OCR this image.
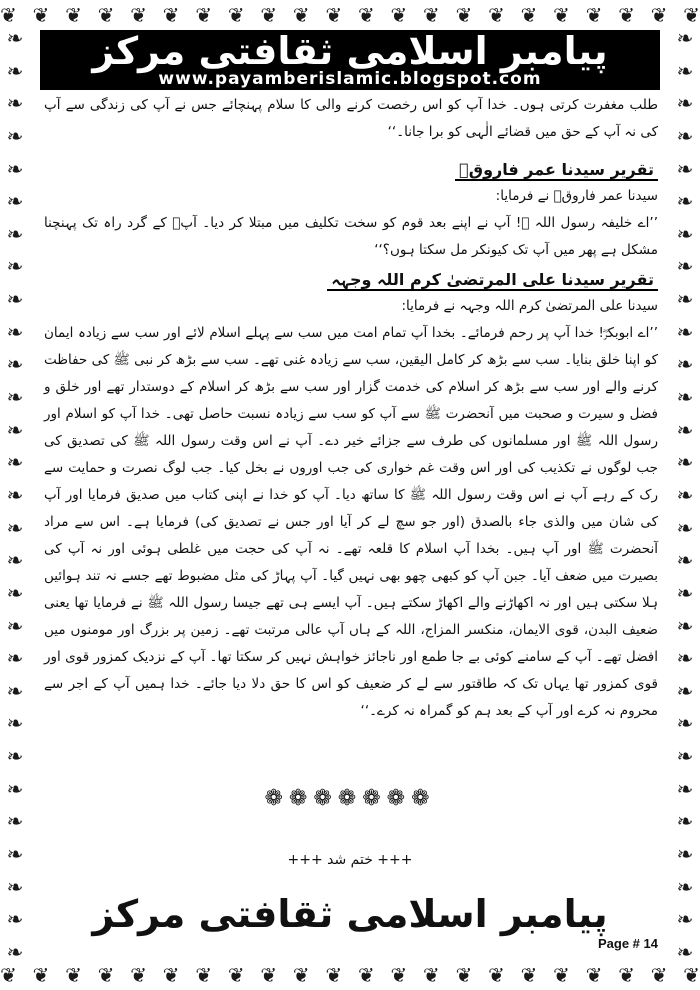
❦ ❦ ❦ ❦ ❦ ❦ ❦ ❦ ❦ ❦ ❦ ❦ ❦ ❦ ❦ ❦ ❦ ❦ ❦ ❦ ❦ ❦
❦ ❦ ❦ ❦ ❦ ❦ ❦ ❦ ❦ ❦ ❦ ❦ ❦ ❦ ❦ ❦ ❦ ❦ ❦ ❦ ❦ ❦
❧
❧
❧
❧
❧
❧
❧
❧
❧
❧
❧
❧
❧
❧
❧
❧
❧
❧
❧
❧
❧
❧
❧
❧
❧
❧
❧
❧
❧
❧
❧
❧
❧
❧
❧
❧
❧
❧
❧
❧
❧
❧
❧
❧
❧
❧
❧
❧
❧
❧
❧
❧
❧
❧
❧
❧
❧
❧
پیامبر اسلامی ثقافتی مرکز
www.payamberislamic.blogspot.com

طلب مغفرت کرتی ہوں۔ خدا آپ کو اس رخصت کرنے والی کا سلام پہنچائے جس نے آپ کی زندگی سے آپ کی نہ آپ کے حق میں قضائے الٰہی کو برا جانا۔‘‘

تقریر سیدنا عمر فاروقؓ

سیدنا عمر فاروقؓ نے فرمایا:

’’اے خلیفہ رسول اللہ ﷺ! آپ نے اپنے بعد قوم کو سخت تکلیف میں مبتلا کر دیا۔ آپؓ کے گرد راہ تک پہنچنا مشکل ہے پھر میں آپ تک کیونکر مل سکتا ہوں؟‘‘

تقریر سیدنا علی المرتضیٰ کرم اللہ وجہہ

سیدنا علی المرتضیٰ کرم اللہ وجہہ نے فرمایا:

’’اے ابوبکرؓ! خدا آپ پر رحم فرمائے۔ بخدا آپ تمام امت میں سب سے پہلے اسلام لائے اور سب سے زیادہ ایمان کو اپنا خلق بنایا۔ سب سے بڑھ کر کامل الیقین، سب سے زیادہ غنی تھے۔ سب سے بڑھ کر نبی ﷺ کی حفاظت کرنے والے اور سب سے بڑھ کر اسلام کی خدمت گزار اور سب سے بڑھ کر اسلام کے دوستدار تھے اور خلق و فضل و سیرت و صحبت میں آنحضرت ﷺ سے آپ کو سب سے زیادہ نسبت حاصل تھی۔ خدا آپ کو اسلام اور رسول اللہ ﷺ اور مسلمانوں کی طرف سے جزائے خیر دے۔ آپ نے اس وقت رسول اللہ ﷺ کی تصدیق کی جب لوگوں نے تکذیب کی اور اس وقت غم خواری کی جب اوروں نے بخل کیا۔ جب لوگ نصرت و حمایت سے رک کے رہے آپ نے اس وقت رسول اللہ ﷺ کا ساتھ دیا۔ آپ کو خدا نے اپنی کتاب میں صدیق فرمایا اور آپ کی شان میں والذی جاء بالصدق (اور جو سچ لے کر آیا اور جس نے تصدیق کی) فرمایا ہے۔ اس سے مراد آنحضرت ﷺ اور آپ ہیں۔ بخدا آپ اسلام کا قلعہ تھے۔ نہ آپ کی حجت میں غلطی ہوئی اور نہ آپ کی بصیرت میں ضعف آیا۔ جبن آپ کو کبھی چھو بھی نہیں گیا۔ آپ پہاڑ کی مثل مضبوط تھے جسے نہ تند ہوائیں ہلا سکتی ہیں اور نہ اکھاڑنے والے اکھاڑ سکتے ہیں۔ آپ ایسے ہی تھے جیسا رسول اللہ ﷺ نے فرمایا تھا یعنی ضعیف البدن، قوی الایمان، منکسر المزاج، اللہ کے ہاں آپ عالی مرتبت تھے۔ زمین پر بزرگ اور مومنوں میں افضل تھے۔ آپ کے سامنے کوئی بے جا طمع اور ناجائز خواہش نہیں کر سکتا تھا۔ آپ کے نزدیک کمزور قوی اور قوی کمزور تھا یہاں تک کہ طاقتور سے لے کر ضعیف کو اس کا حق دلا دیا جائے۔ خدا ہمیں آپ کے اجر سے محروم نہ کرے اور آپ کے بعد ہم کو گمراہ نہ کرے۔‘‘

❁❁❁❁❁❁❁
+++ ختم شد +++
پیامبر اسلامی ثقافتی مرکز
Page # 14
